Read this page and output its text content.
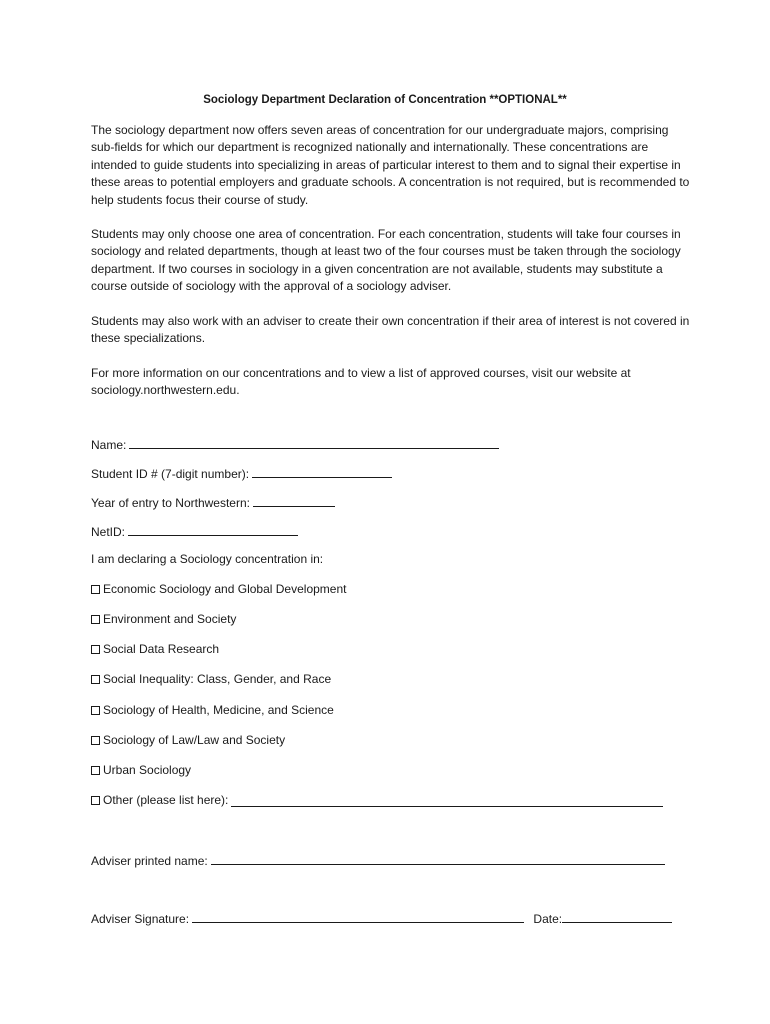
Sociology Department Declaration of Concentration **OPTIONAL**

The sociology department now offers seven areas of concentration for our undergraduate majors, comprising sub-fields for which our department is recognized nationally and internationally. These concentrations are intended to guide students into specializing in areas of particular interest to them and to signal their expertise in these areas to potential employers and graduate schools. A concentration is not required, but is recommended to help students focus their course of study.

Students may only choose one area of concentration. For each concentration, students will take four courses in sociology and related departments, though at least two of the four courses must be taken through the sociology department. If two courses in sociology in a given concentration are not available, students may substitute a course outside of sociology with the approval of a sociology adviser.

Students may also work with an adviser to create their own concentration if their area of interest is not covered in these specializations.

For more information on our concentrations and to view a list of approved courses, visit our website at sociology.northwestern.edu.

Name:
Student ID # (7-digit number):
Year of entry to Northwestern:
NetID:
I am declaring a Sociology concentration in:
Economic Sociology and Global Development
Environment and Society
Social Data Research
Social Inequality: Class, Gender, and Race
Sociology of Health, Medicine, and Science
Sociology of Law/Law and Society
Urban Sociology
Other (please list here):
Adviser printed name:
Adviser Signature:	Date:
